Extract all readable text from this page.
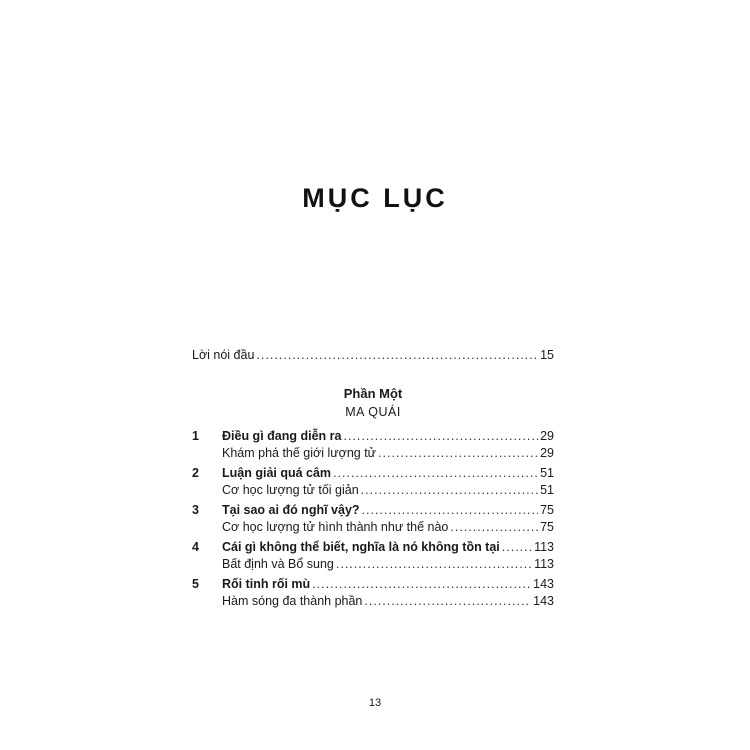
MỤC LỤC
Lời nói đầu .....	15
Phần Một
MA QUÁI
1	Điều gì đang diễn ra .....	29
Khám phá thế giới lượng tử .....	29
2	Luận giải quá câm .....	51
Cơ học lượng tử tối giản .....	51
3	Tại sao ai đó nghĩ vậy? .....	75
Cơ học lượng tử hình thành như thế nào .....	75
4	Cái gì không thể biết, nghĩa là nó không tồn tại .....	113
Bất định và Bổ sung .....	113
5	Rối tinh rối mù .....	143
Hàm sóng đa thành phần .....	143
13
